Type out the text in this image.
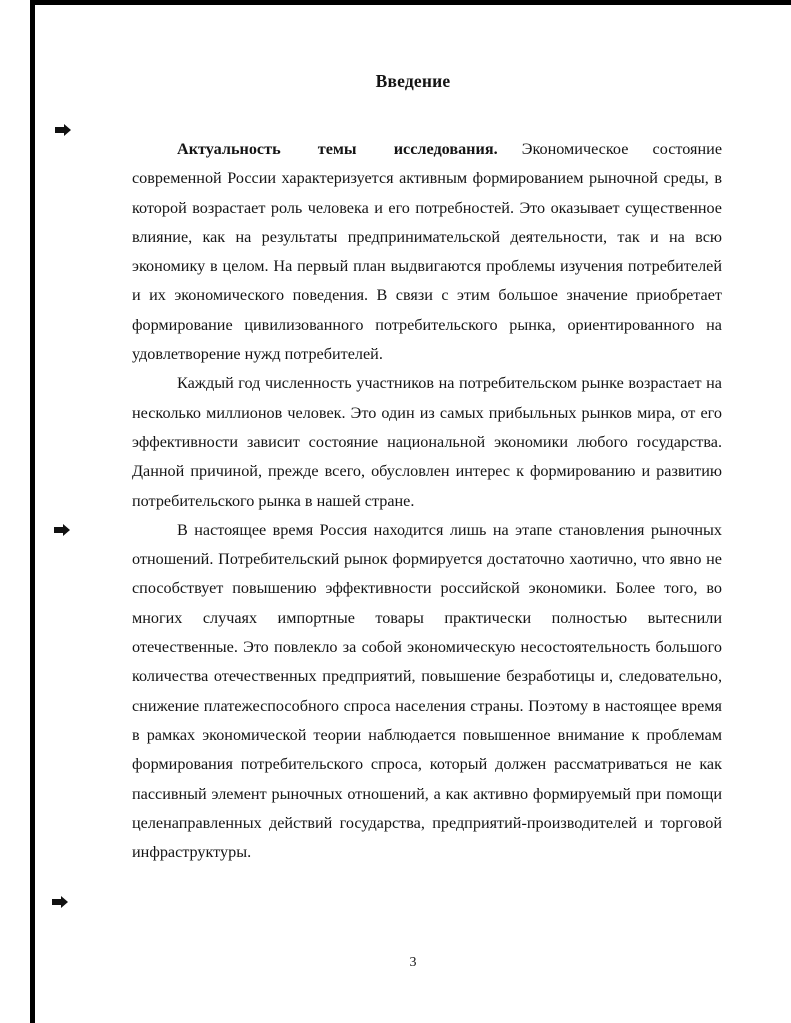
Введение

Актуальность темы исследования. Экономическое состояние современной России характеризуется активным формированием рыночной среды, в которой возрастает роль человека и его потребностей. Это оказывает существенное влияние, как на результаты предпринимательской деятельности, так и на всю экономику в целом. На первый план выдвигаются проблемы изучения потребителей и их экономического поведения. В связи с этим большое значение приобретает формирование цивилизованного потребительского рынка, ориентированного на удовлетворение нужд потребителей.

Каждый год численность участников на потребительском рынке возрастает на несколько миллионов человек. Это один из самых прибыльных рынков мира, от его эффективности зависит состояние национальной экономики любого государства. Данной причиной, прежде всего, обусловлен интерес к формированию и развитию потребительского рынка в нашей стране.

В настоящее время Россия находится лишь на этапе становления рыночных отношений. Потребительский рынок формируется достаточно хаотично, что явно не способствует повышению эффективности российской экономики. Более того, во многих случаях импортные товары практически полностью вытеснили отечественные. Это повлекло за собой экономическую несостоятельность большого количества отечественных предприятий, повышение безработицы и, следовательно, снижение платежеспособного спроса населения страны. Поэтому в настоящее время в рамках экономической теории наблюдается повышенное внимание к проблемам формирования потребительского спроса, который должен рассматриваться не как пассивный элемент рыночных отношений, а как активно формируемый при помощи целенаправленных действий государства, предприятий-производителей и торговой инфраструктуры.

3
